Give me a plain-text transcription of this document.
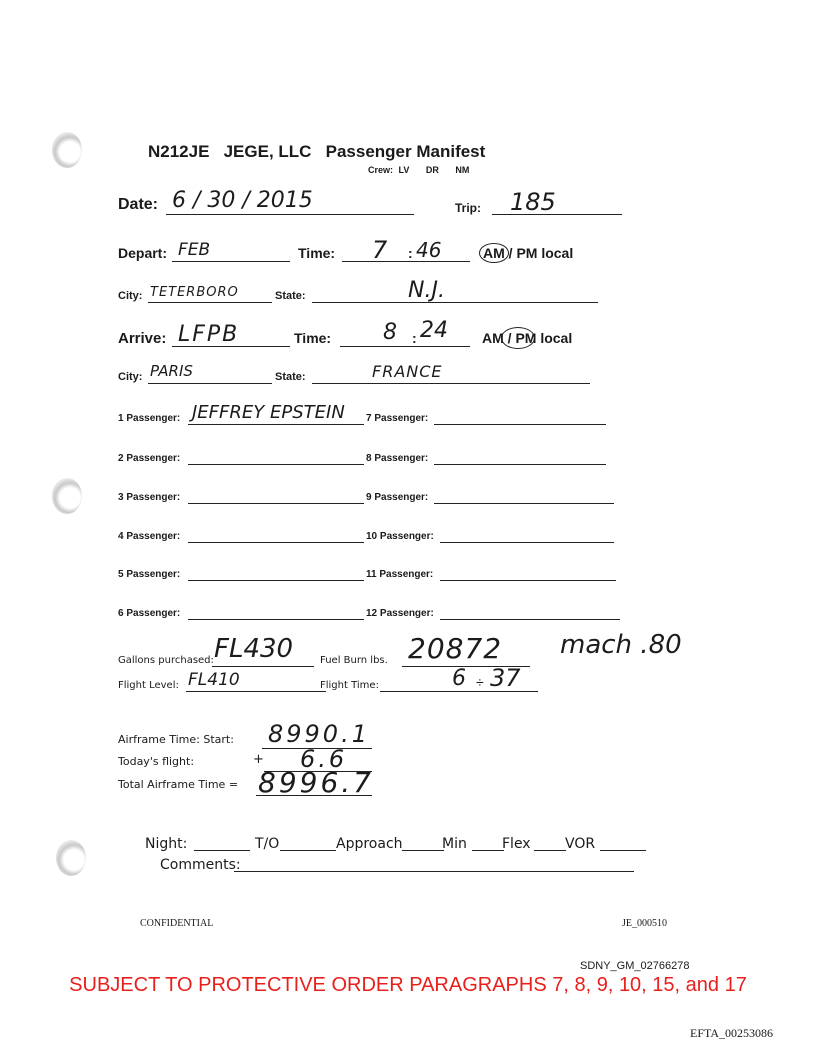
N212JE   JEGE, LLC   Passenger Manifest
Crew: LV DR NM
Date: 6 / 30 / 2015	Trip: 185
Depart: FEB	Time: 7 : 46	AM / PM local
City: TETERBORO	State:	N.J.
Arrive: LFPB	Time: 8 : 24 AM / PM local
City: PARIS	State:	FRANCE
1 Passenger: JEFFREY EPSTEIN 7 Passenger:
2 Passenger:	8 Passenger:
3 Passenger:	9 Passenger:
4 Passenger:	10 Passenger:
5 Passenger:	11 Passenger:
6 Passenger:	12 Passenger:
Gallons purchased: FL430	Fuel Burn lbs. 20872 mach .80
Flight Level: FL410	Flight Time:	6 ÷ 37
Airframe Time: Start: 8990.1
Today's flight:	+ 6.6
Total Airframe Time = 8996.7
Night:	T/O	Approach	Min	Flex VOR
Comments:
CONFIDENTIAL	JE_000510
SDNY_GM_02766278
SUBJECT TO PROTECTIVE ORDER PARAGRAPHS 7, 8, 9, 10, 15, and 17
EFTA_00253086
